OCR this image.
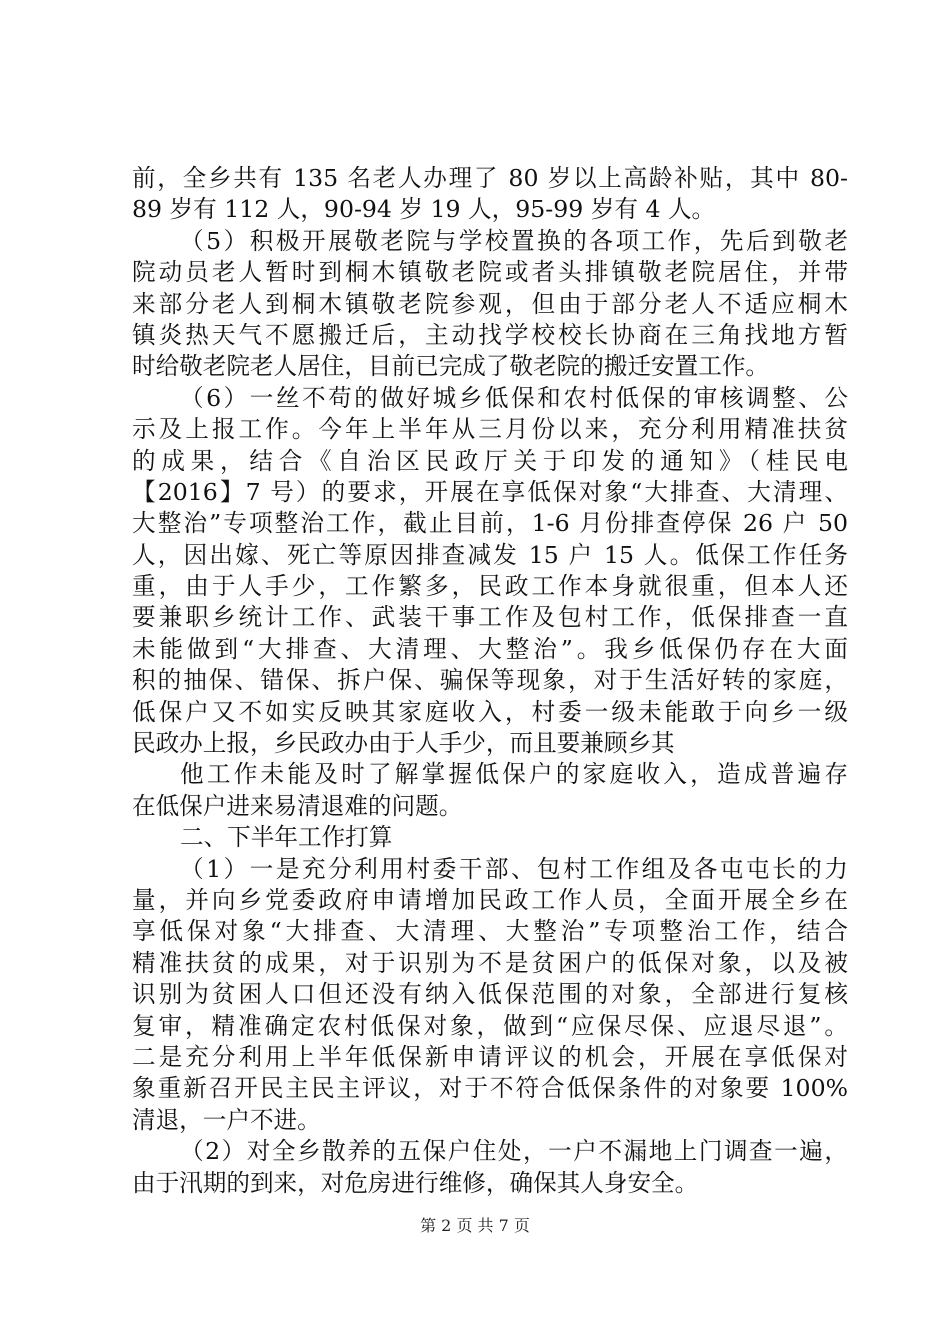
前，全乡共有 135 名老人办理了 80 岁以上高龄补贴，其中 80-
89 岁有 112 人，90-94 岁 19 人，95-99 岁有 4 人。
（5）积极开展敬老院与学校置换的各项工作，先后到敬老
院动员老人暂时到桐木镇敬老院或者头排镇敬老院居住，并带
来部分老人到桐木镇敬老院参观，但由于部分老人不适应桐木
镇炎热天气不愿搬迁后，主动找学校校长协商在三角找地方暂
时给敬老院老人居住，目前已完成了敬老院的搬迁安置工作。
（6）一丝不苟的做好城乡低保和农村低保的审核调整、公
示及上报工作。今年上半年从三月份以来，充分利用精准扶贫
的成果，结合《自治区民政厅关于印发的通知》（桂民电
【2016】7 号）的要求，开展在享低保对象“大排查、大清理、
大整治”专项整治工作，截止目前，1-6 月份排查停保 26 户 50
人，因出嫁、死亡等原因排查减发 15 户 15 人。低保工作任务
重，由于人手少，工作繁多，民政工作本身就很重，但本人还
要兼职乡统计工作、武装干事工作及包村工作，低保排查一直
未能做到“大排查、大清理、大整治”。我乡低保仍存在大面
积的抽保、错保、拆户保、骗保等现象，对于生活好转的家庭，
低保户又不如实反映其家庭收入，村委一级未能敢于向乡一级
民政办上报，乡民政办由于人手少，而且要兼顾乡其
他工作未能及时了解掌握低保户的家庭收入，造成普遍存
在低保户进来易清退难的问题。
二、下半年工作打算
（1）一是充分利用村委干部、包村工作组及各屯屯长的力
量，并向乡党委政府申请增加民政工作人员，全面开展全乡在
享低保对象“大排查、大清理、大整治”专项整治工作，结合
精准扶贫的成果，对于识别为不是贫困户的低保对象，以及被
识别为贫困人口但还没有纳入低保范围的对象，全部进行复核
复审，精准确定农村低保对象，做到“应保尽保、应退尽退”。
二是充分利用上半年低保新申请评议的机会，开展在享低保对
象重新召开民主民主评议，对于不符合低保条件的对象要 100%
清退，一户不进。
（2）对全乡散养的五保户住处，一户不漏地上门调查一遍，
由于汛期的到来，对危房进行维修，确保其人身安全。
第 2 页 共 7 页
